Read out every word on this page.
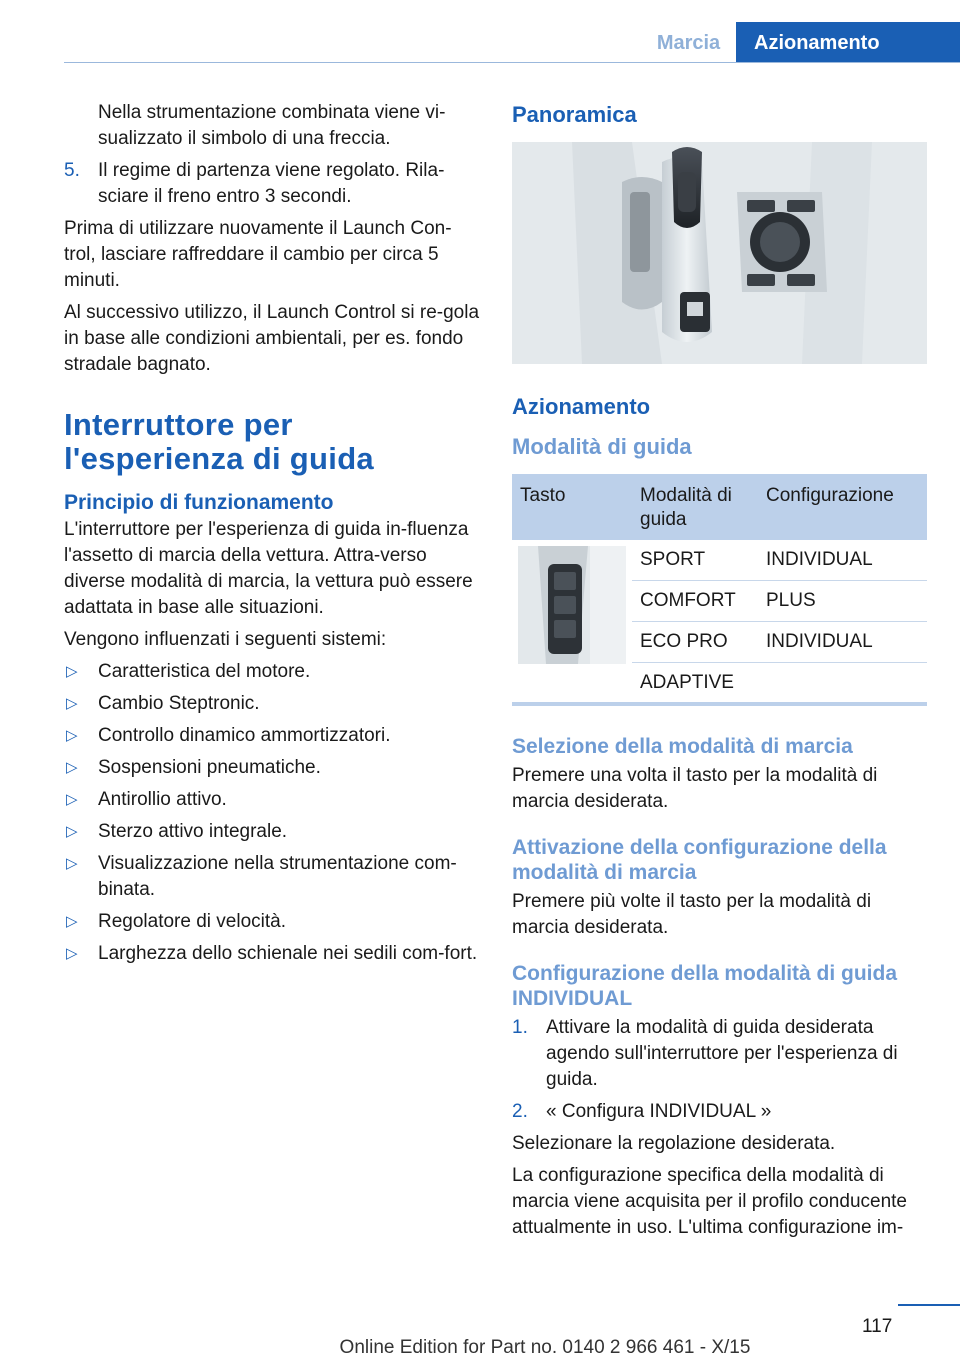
Marcia	Azionamento
Nella strumentazione combinata viene vi-sualizzato il simbolo di una freccia.
5. Il regime di partenza viene regolato. Rila-sciare il freno entro 3 secondi.
Prima di utilizzare nuovamente il Launch Con-trol, lasciare raffreddare il cambio per circa 5 minuti.
Al successivo utilizzo, il Launch Control si re-gola in base alle condizioni ambientali, per es. fondo stradale bagnato.
Interruttore per l'esperienza di guida
Principio di funzionamento
L'interruttore per l'esperienza di guida in-fluenza l'assetto di marcia della vettura. Attra-verso diverse modalità di marcia, la vettura può essere adattata in base alle situazioni.
Vengono influenzati i seguenti sistemi:
▷ Caratteristica del motore.
▷ Cambio Steptronic.
▷ Controllo dinamico ammortizzatori.
▷ Sospensioni pneumatiche.
▷ Antirollio attivo.
▷ Sterzo attivo integrale.
▷ Visualizzazione nella strumentazione com-binata.
▷ Regolatore di velocità.
▷ Larghezza dello schienale nei sedili com-fort.
Panoramica
Azionamento
Modalità di guida
Tasto	Modalità di guida	Configurazione
	SPORT	INDIVIDUAL
	COMFORT	PLUS
	ECO PRO	INDIVIDUAL
	ADAPTIVE	
Selezione della modalità di marcia
Premere una volta il tasto per la modalità di marcia desiderata.
Attivazione della configurazione della modalità di marcia
Premere più volte il tasto per la modalità di marcia desiderata.
Configurazione della modalità di guida INDIVIDUAL
1. Attivare la modalità di guida desiderata agendo sull'interruttore per l'esperienza di guida.
2. « Configura INDIVIDUAL »
Selezionare la regolazione desiderata.
La configurazione specifica della modalità di marcia viene acquisita per il profilo conducente attualmente in uso. L'ultima configurazione im-
117
Online Edition for Part no. 0140 2 966 461 - X/15
